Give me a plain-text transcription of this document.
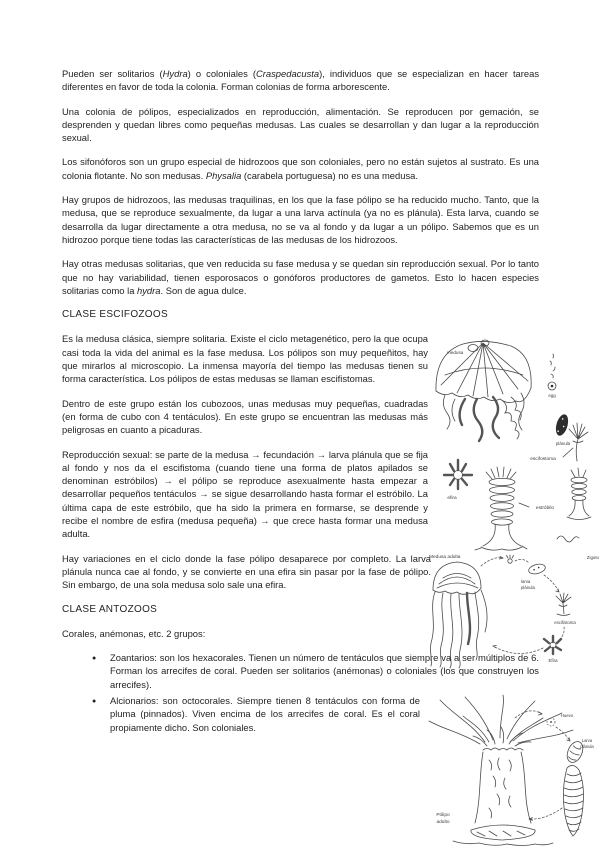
Pueden ser solitarios (Hydra) o coloniales (Craspedacusta), individuos que se especializan en hacer tareas diferentes en favor de toda la colonia. Forman colonias de forma arborescente.

Una colonia de pólipos, especializados en reproducción, alimentación. Se reproducen por gemación, se desprenden y quedan libres como pequeñas medusas. Las cuales se desarrollan y dan lugar a la reproducción sexual.

Los sifonóforos son un grupo especial de hidrozoos que son coloniales, pero no están sujetos al sustrato. Es una colonia flotante. No son medusas. Physalia (carabela portuguesa) no es una medusa.

Hay grupos de hidrozoos, las medusas traquilinas, en los que la fase pólipo se ha reducido mucho. Tanto, que la medusa, que se reproduce sexualmente, da lugar a una larva actínula (ya no es plánula). Esta larva, cuando se desarrolla da lugar directamente a otra medusa, no se va al fondo y da lugar a un pólipo. Sabemos que es un hidrozoo porque tiene todas las características de las medusas de los hidrozoos.

Hay otras medusas solitarias, que ven reducida su fase medusa y se quedan sin reproducción sexual. Por lo tanto que no hay variabilidad, tienen esporosacos o gonóforos productores de gametos. Esto lo hacen especies solitarias como la hydra. Son de agua dulce.

CLASE ESCIFOZOOS

Es la medusa clásica, siempre solitaria. Existe el ciclo metagenético, pero la que ocupa casi toda la vida del animal es la fase medusa. Los pólipos son muy pequeñitos, hay que mirarlos al microscopio. La inmensa mayoría del tiempo las medusas tienen su forma característica. Los pólipos de estas medusas se llaman escifistomas.

Dentro de este grupo están los cubozoos, unas medusas muy pequeñas, cuadradas (en forma de cubo con 4 tentáculos). En este grupo se encuentran las medusas más peligrosas en cuanto a picaduras.

Reproducción sexual: se parte de la medusa → fecundación → larva plánula que se fija al fondo y nos da el escifistoma (cuando tiene una forma de platos apilados se denominan estróbilos) → el pólipo se reproduce asexualmente hasta empezar a desarrollar pequeños tentáculos → se sigue desarrollando hasta formar el estróbilo. La última capa de este estróbilo, que ha sido la primera en formarse, se desprende y recibe el nombre de esfira (medusa pequeña) → que crece hasta formar una medusa adulta.

Hay variaciones en el ciclo donde la fase pólipo desaparece por completo. La larva plánula nunca cae al fondo, y se convierte en una efira sin pasar por la fase de pólipo. Sin embargo, de una sola medusa solo sale una efira.

CLASE ANTOZOOS

Corales, anémonas, etc. 2 grupos:

● Zoantarios: son los hexacorales. Tienen un número de tentáculos que siempre va a ser múltiplos de 6. Forman los arrecifes de coral. Pueden ser solitarios (anémonas) o coloniales (los que construyen los arrecifes).
● Alcionarios: son octocorales. Siempre tienen 8 tentáculos con forma de pluma (pinnados). Viven encima de los arrecifes de coral. Es el coral propiamente dicho. Son coloniales.
medusa
egg
plánula
efira
escifostoma
estróbilo
Medusa adulta	Zigoto
larva
plánula
escifistoma
Efira
Pólipo
adulto
Huevo
Larva
plánula
